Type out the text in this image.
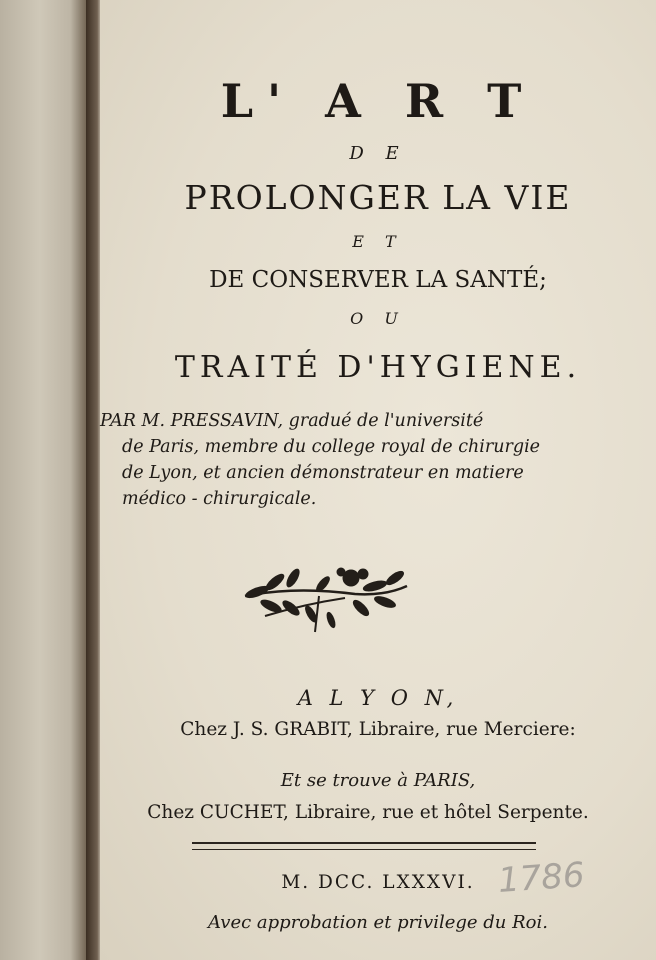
L' A R T
D E
PROLONGER LA VIE
E T
DE CONSERVER LA SANTÉ;
O U
TRAITÉ D'HYGIENE.
PAR M. PRESSAVIN, gradué de l'université

de Paris, membre du college royal de chirurgie
de Lyon, et ancien démonstrateur en matiere
médico - chirurgicale.
A L Y O N,
Chez J. S. GRABIT, Libraire, rue Merciere:
Et se trouve à PARIS,
Chez CUCHET, Libraire, rue et hôtel Serpente.
M. DCC. LXXXVI.
Avec approbation et privilege du Roi.
1786
